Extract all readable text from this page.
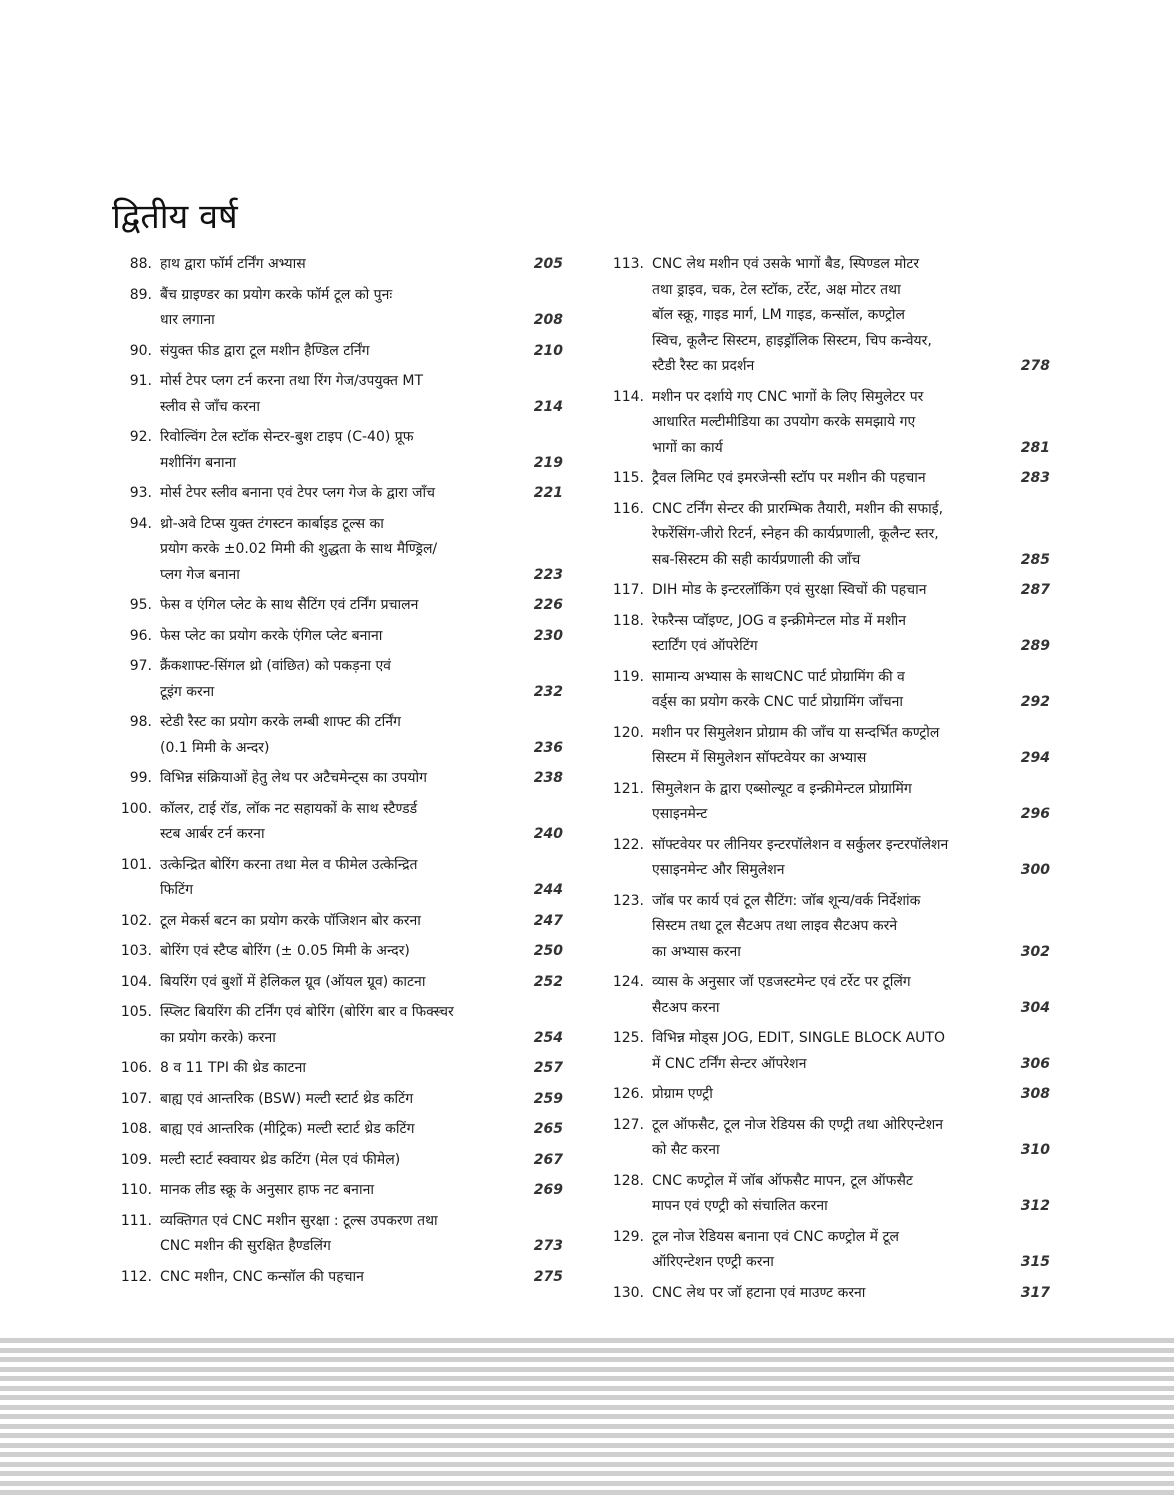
द्वितीय वर्ष
88. हाथ द्वारा फॉर्म टर्निंग अभ्यास	205
89. बैंच ग्राइण्डर का प्रयोग करके फॉर्म टूल को पुनः
धार लगाना	208
90. संयुक्त फीड द्वारा टूल मशीन हैण्डिल टर्निंग	210
91. मोर्स टेपर प्लग टर्न करना तथा रिंग गेज/उपयुक्त MT
स्लीव से जाँच करना	214
92. रिवोल्विंग टेल स्टॉक सेन्टर-बुश टाइप (C-40) प्रूफ
मशीनिंग बनाना	219
93. मोर्स टेपर स्लीव बनाना एवं टेपर प्लग गेज के द्वारा जाँच	221
94. थ्रो-अवे टिप्स युक्त टंगस्टन कार्बाइड टूल्स का
प्रयोग करके ±0.02 मिमी की शुद्धता के साथ मैण्ड्रिल/
प्लग गेज बनाना	223
95. फेस व एंगिल प्लेट के साथ सैटिंग एवं टर्निंग प्रचालन	226
96. फेस प्लेट का प्रयोग करके एंगिल प्लेट बनाना	230
97. क्रैंकशाफ्ट-सिंगल थ्रो (वांछित) को पकड़ना एवं
टूइंग करना	232
98. स्टेडी रैस्ट का प्रयोग करके लम्बी शाफ्ट की टर्निंग
(0.1 मिमी के अन्दर)	236
99. विभिन्न संक्रियाओं हेतु लेथ पर अटैचमेन्ट्स का उपयोग	238
100. कॉलर, टाई रॉड, लॉक नट सहायकों के साथ स्टैण्डर्ड
स्टब आर्बर टर्न करना	240
101. उत्केन्द्रित बोरिंग करना तथा मेल व फीमेल उत्केन्द्रित
फिटिंग	244
102. टूल मेकर्स बटन का प्रयोग करके पॉजिशन बोर करना	247
103. बोरिंग एवं स्टैप्ड बोरिंग (± 0.05 मिमी के अन्दर)	250
104. बियरिंग एवं बुशों में हेलिकल ग्रूव (ऑयल ग्रूव) काटना	252
105. स्प्लिट बियरिंग की टर्निंग एवं बोरिंग (बोरिंग बार व फिक्स्चर
का प्रयोग करके) करना	254
106. 8 व 11 TPI की थ्रेड काटना	257
107. बाह्य एवं आन्तरिक (BSW) मल्टी स्टार्ट थ्रेड कटिंग	259
108. बाह्य एवं आन्तरिक (मीट्रिक) मल्टी स्टार्ट थ्रेड कटिंग	265
109. मल्टी स्टार्ट स्क्वायर थ्रेड कटिंग (मेल एवं फीमेल)	267
110. मानक लीड स्क्रू के अनुसार हाफ नट बनाना	269
111. व्यक्तिगत एवं CNC मशीन सुरक्षा : टूल्स उपकरण तथा
CNC मशीन की सुरक्षित हैण्डलिंग	273
112. CNC मशीन, CNC कन्सॉल की पहचान	275
113. CNC लेथ मशीन एवं उसके भागों बैड, स्पिण्डल मोटर
तथा ड्राइव, चक, टेल स्टॉक, टर्रेट, अक्ष मोटर तथा
बॉल स्क्रू, गाइड मार्ग, LM गाइड, कन्सॉल, कण्ट्रोल
स्विच, कूलैन्ट सिस्टम, हाइड्रॉलिक सिस्टम, चिप कन्वेयर,
स्टैडी रैस्ट का प्रदर्शन	278
114. मशीन पर दर्शाये गए CNC भागों के लिए सिमुलेटर पर
आधारित मल्टीमीडिया का उपयोग करके समझाये गए
भागों का कार्य	281
115. ट्रैवल लिमिट एवं इमरजेन्सी स्टॉप पर मशीन की पहचान	283
116. CNC टर्निंग सेन्टर की प्रारम्भिक तैयारी, मशीन की सफाई,
रेफरेंसिंग-जीरो रिटर्न, स्नेहन की कार्यप्रणाली, कूलैन्ट स्तर,
सब-सिस्टम की सही कार्यप्रणाली की जाँच	285
117. DIH मोड के इन्टरलॉकिंग एवं सुरक्षा स्विचों की पहचान	287
118. रेफरैन्स प्वॉइण्ट, JOG व इन्क्रीमेन्टल मोड में मशीन
स्टार्टिंग एवं ऑपरेटिंग	289
119. सामान्य अभ्यास के साथCNC पार्ट प्रोग्रामिंग की व
वर्ड्स का प्रयोग करके CNC पार्ट प्रोग्रामिंग जाँचना	292
120. मशीन पर सिमुलेशन प्रोग्राम की जाँच या सन्दर्भित कण्ट्रोल
सिस्टम में सिमुलेशन सॉफ्टवेयर का अभ्यास	294
121. सिमुलेशन के द्वारा एब्सोल्यूट व इन्क्रीमेन्टल प्रोग्रामिंग
एसाइनमेन्ट	296
122. सॉफ्टवेयर पर लीनियर इन्टरपॉलेशन व सर्कुलर इन्टरपॉलेशन
एसाइनमेन्ट और सिमुलेशन	300
123. जॉब पर कार्य एवं टूल सैटिंग: जॉब शून्य/वर्क निर्देशांक
सिस्टम तथा टूल सैटअप तथा लाइव सैटअप करने
का अभ्यास करना	302
124. व्यास के अनुसार जॉ एडजस्टमेन्ट एवं टर्रेट पर टूलिंग
सैटअप करना	304
125. विभिन्न मोड्स JOG, EDIT, SINGLE BLOCK AUTO
में CNC टर्निंग सेन्टर ऑपरेशन	306
126. प्रोग्राम एण्ट्री	308
127. टूल ऑफसैट, टूल नोज रेडियस की एण्ट्री तथा ओरिएन्टेशन
को सैट करना	310
128. CNC कण्ट्रोल में जॉब ऑफसैट मापन, टूल ऑफसैट
मापन एवं एण्ट्री को संचालित करना	312
129. टूल नोज रेडियस बनाना एवं CNC कण्ट्रोल में टूल
ऑरिएन्टेशन एण्ट्री करना	315
130. CNC लेथ पर जॉ हटाना एवं माउण्ट करना	317
